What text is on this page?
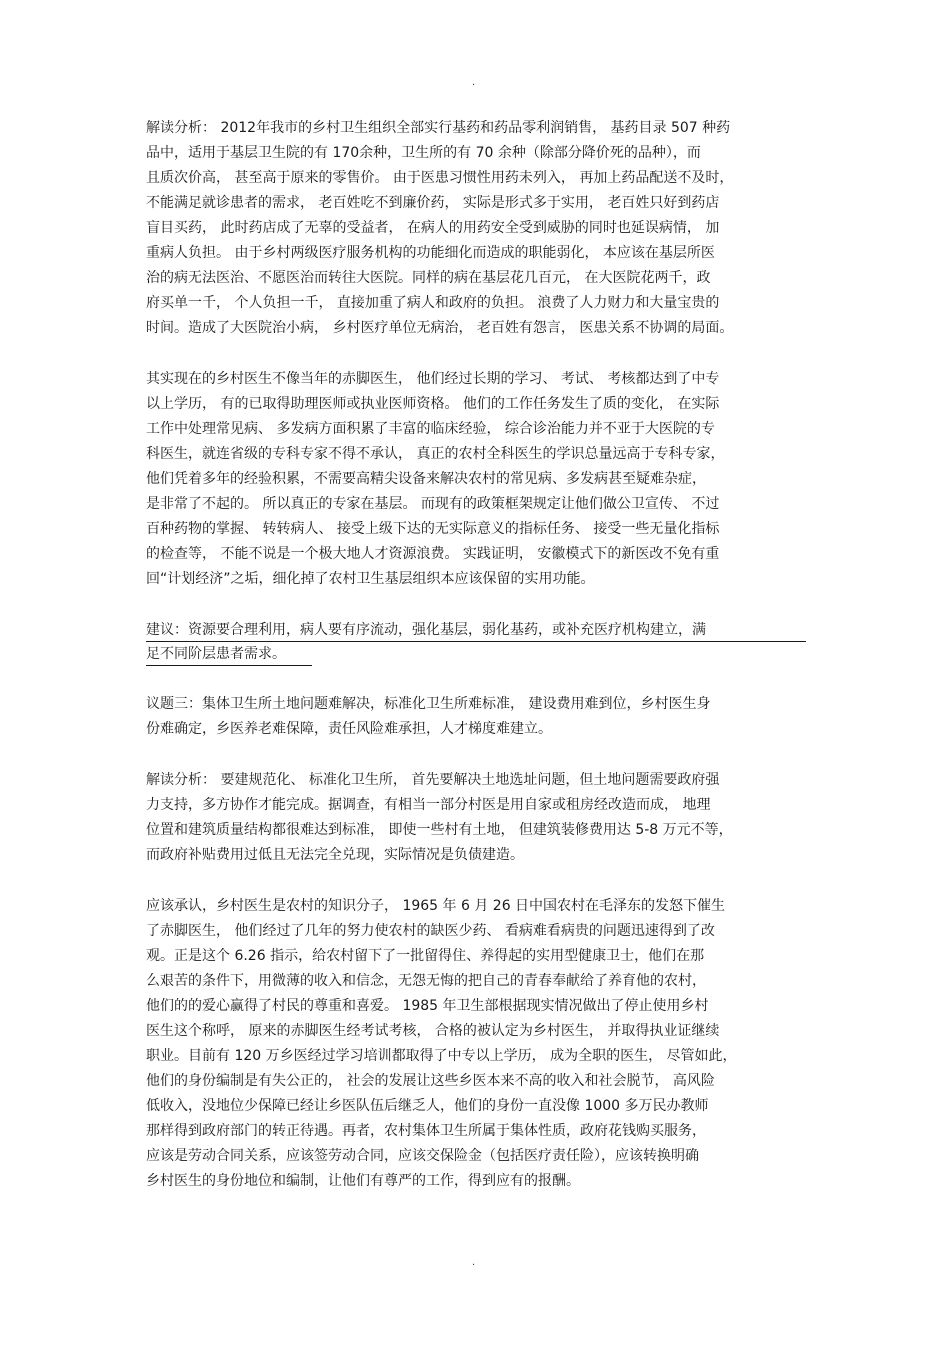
.
解读分析： 2012年我市的乡村卫生组织全部实行基药和药品零利润销售， 基药目录 507 种药
品中，适用于基层卫生院的有 170余种，卫生所的有 70 余种（除部分降价死的品种），而
且质次价高， 甚至高于原来的零售价。 由于医患习惯性用药未列入， 再加上药品配送不及时，
不能满足就诊患者的需求， 老百姓吃不到廉价药， 实际是形式多于实用， 老百姓只好到药店
盲目买药， 此时药店成了无辜的受益者， 在病人的用药安全受到威胁的同时也延误病情， 加
重病人负担。 由于乡村两级医疗服务机构的功能细化而造成的职能弱化， 本应该在基层所医
治的病无法医治、不愿医治而转往大医院。同样的病在基层花几百元， 在大医院花两千，政
府买单一千， 个人负担一千， 直接加重了病人和政府的负担。 浪费了人力财力和大量宝贵的
时间。造成了大医院治小病， 乡村医疗单位无病治， 老百姓有怨言， 医患关系不协调的局面。
其实现在的乡村医生不像当年的赤脚医生， 他们经过长期的学习、 考试、 考核都达到了中专
以上学历， 有的已取得助理医师或执业医师资格。 他们的工作任务发生了质的变化， 在实际
工作中处理常见病、 多发病方面积累了丰富的临床经验， 综合诊治能力并不亚于大医院的专
科医生，就连省级的专科专家不得不承认， 真正的农村全科医生的学识总量远高于专科专家，
他们凭着多年的经验积累，不需要高精尖设备来解决农村的常见病、多发病甚至疑难杂症，
是非常了不起的。 所以真正的专家在基层。 而现有的政策框架规定让他们做公卫宣传、 不过
百种药物的掌握、 转转病人、 接受上级下达的无实际意义的指标任务、 接受一些无量化指标
的检查等， 不能不说是一个极大地人才资源浪费。 实践证明， 安徽模式下的新医改不免有重
回“计划经济”之垢，细化掉了农村卫生基层组织本应该保留的实用功能。
建议：资源要合理利用，病人要有序流动，强化基层，弱化基药，或补充医疗机构建立，满
足不同阶层患者需求。
议题三：集体卫生所土地问题难解决，标准化卫生所难标准， 建设费用难到位，乡村医生身
份难确定，乡医养老难保障，责任风险难承担，人才梯度难建立。
解读分析： 要建规范化、 标准化卫生所， 首先要解决土地选址问题，但土地问题需要政府强
力支持，多方协作才能完成。据调查，有相当一部分村医是用自家或租房经改造而成， 地理
位置和建筑质量结构都很难达到标准， 即使一些村有土地， 但建筑装修费用达 5-8 万元不等，
而政府补贴费用过低且无法完全兑现，实际情况是负债建造。
应该承认，乡村医生是农村的知识分子， 1965 年 6 月 26 日中国农村在毛泽东的发怒下催生
了赤脚医生， 他们经过了几年的努力使农村的缺医少药、 看病难看病贵的问题迅速得到了改
观。正是这个 6.26 指示，给农村留下了一批留得住、养得起的实用型健康卫士，他们在那
么艰苦的条件下，用微薄的收入和信念，无怨无悔的把自己的青春奉献给了养育他的农村，
他们的的爱心赢得了村民的尊重和喜爱。 1985 年卫生部根据现实情况做出了停止使用乡村
医生这个称呼， 原来的赤脚医生经考试考核， 合格的被认定为乡村医生， 并取得执业证继续
职业。目前有 120 万乡医经过学习培训都取得了中专以上学历， 成为全职的医生， 尽管如此，
他们的身份编制是有失公正的， 社会的发展让这些乡医本来不高的收入和社会脱节， 高风险
低收入，没地位少保障已经让乡医队伍后继乏人，他们的身份一直没像 1000 多万民办教师
那样得到政府部门的转正待遇。再者，农村集体卫生所属于集体性质，政府花钱购买服务，
应该是劳动合同关系，应该签劳动合同，应该交保险金（包括医疗责任险），应该转换明确
乡村医生的身份地位和编制，让他们有尊严的工作，得到应有的报酬。
.
